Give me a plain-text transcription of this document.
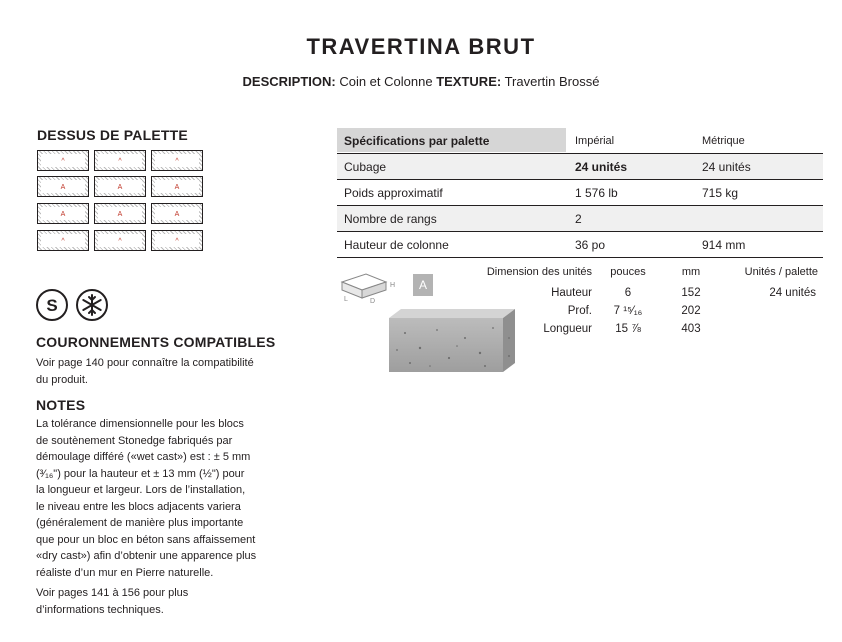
TRAVERTINA BRUT
DESCRIPTION: Coin et Colonne TEXTURE: Travertin Brossé
DESSUS DE PALETTE
^	^	^
A	A	A
A	A	A
^	^	^
S
COURONNEMENTS COMPATIBLES
Voir page 140 pour connaître la compatibilité
du produit.
NOTES
La tolérance dimensionnelle pour les blocs
de soutènement Stonedge fabriqués par
démoulage différé («wet cast») est : ± 5 mm
(³⁄₁₆") pour la hauteur et ± 13 mm (½") pour
la longueur et largeur. Lors de l’installation,
le niveau entre les blocs adjacents variera
(généralement de manière plus importante
que pour un bloc en béton sans affaissement
«dry cast») afin d’obtenir une apparence plus
réaliste d’un mur en Pierre naturelle.
Voir pages 141 à 156 pour plus
d’informations techniques.
Spécifications par palette	Impérial	Métrique
Cubage	24 unités	24 unités
Poids approximatif	1 576 lb	715 kg
Nombre de rangs	2
Hauteur de colonne	36 po	914 mm
H
L	D
A
Dimension des unités	pouces	mm	Unités / palette
Hauteur	6	152	24 unités
Prof.	7 ¹⁵⁄₁₆	202
Longueur	15 ⅞	403
